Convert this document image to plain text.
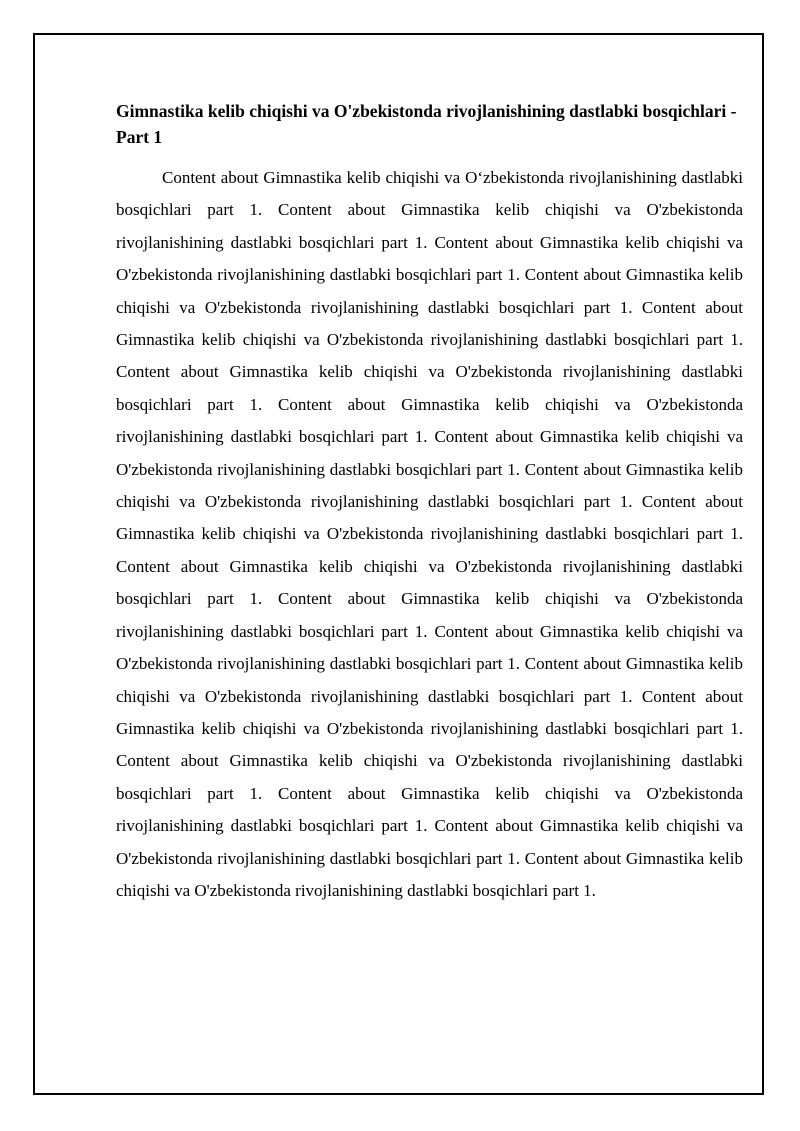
Gimnastika kelib chiqishi va O'zbekistonda rivojlanishining dastlabki bosqichlari - Part 1

Content about Gimnastika kelib chiqishi va O‘zbekistonda rivojlanishining dastlabki bosqichlari part 1. Content about Gimnastika kelib chiqishi va O'zbekistonda rivojlanishining dastlabki bosqichlari part 1. Content about Gimnastika kelib chiqishi va O'zbekistonda rivojlanishining dastlabki bosqichlari part 1. Content about Gimnastika kelib chiqishi va O'zbekistonda rivojlanishining dastlabki bosqichlari part 1. Content about Gimnastika kelib chiqishi va O'zbekistonda rivojlanishining dastlabki bosqichlari part 1. Content about Gimnastika kelib chiqishi va O'zbekistonda rivojlanishining dastlabki bosqichlari part 1. Content about Gimnastika kelib chiqishi va O'zbekistonda rivojlanishining dastlabki bosqichlari part 1. Content about Gimnastika kelib chiqishi va O'zbekistonda rivojlanishining dastlabki bosqichlari part 1. Content about Gimnastika kelib chiqishi va O'zbekistonda rivojlanishining dastlabki bosqichlari part 1. Content about Gimnastika kelib chiqishi va O'zbekistonda rivojlanishining dastlabki bosqichlari part 1. Content about Gimnastika kelib chiqishi va O'zbekistonda rivojlanishining dastlabki bosqichlari part 1. Content about Gimnastika kelib chiqishi va O'zbekistonda rivojlanishining dastlabki bosqichlari part 1. Content about Gimnastika kelib chiqishi va O'zbekistonda rivojlanishining dastlabki bosqichlari part 1. Content about Gimnastika kelib chiqishi va O'zbekistonda rivojlanishining dastlabki bosqichlari part 1. Content about Gimnastika kelib chiqishi va O'zbekistonda rivojlanishining dastlabki bosqichlari part 1. Content about Gimnastika kelib chiqishi va O'zbekistonda rivojlanishining dastlabki bosqichlari part 1. Content about Gimnastika kelib chiqishi va O'zbekistonda rivojlanishining dastlabki bosqichlari part 1. Content about Gimnastika kelib chiqishi va O'zbekistonda rivojlanishining dastlabki bosqichlari part 1. Content about Gimnastika kelib chiqishi va O'zbekistonda rivojlanishining dastlabki bosqichlari part 1.
